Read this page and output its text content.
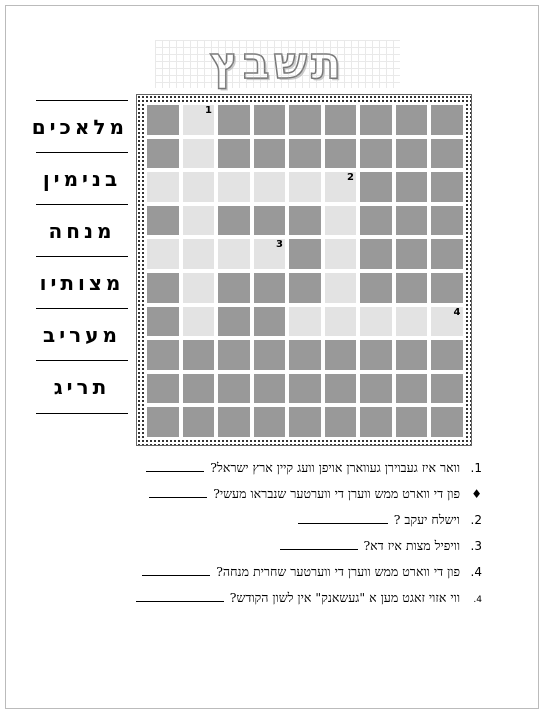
תשבץ
מלאכים
בנימין
מנחה
מצותיו
מעריב
תריג
1
2
3
4
1. וואר איז געבוירן געווארן אויפן וועג קיין ארץ ישראל?
♦ פון די ווארט ממש ווערן די ווערטער שנבראו מעשי?
2. וישלח יעקב ?
3. וויפיל מצות איז דא?
4. פון די ווארט ממש ווערן די ווערטער שחרית מנחה?
4. ווי אזוי זאגט מען א "געשאנק" אין לשון הקודש?
